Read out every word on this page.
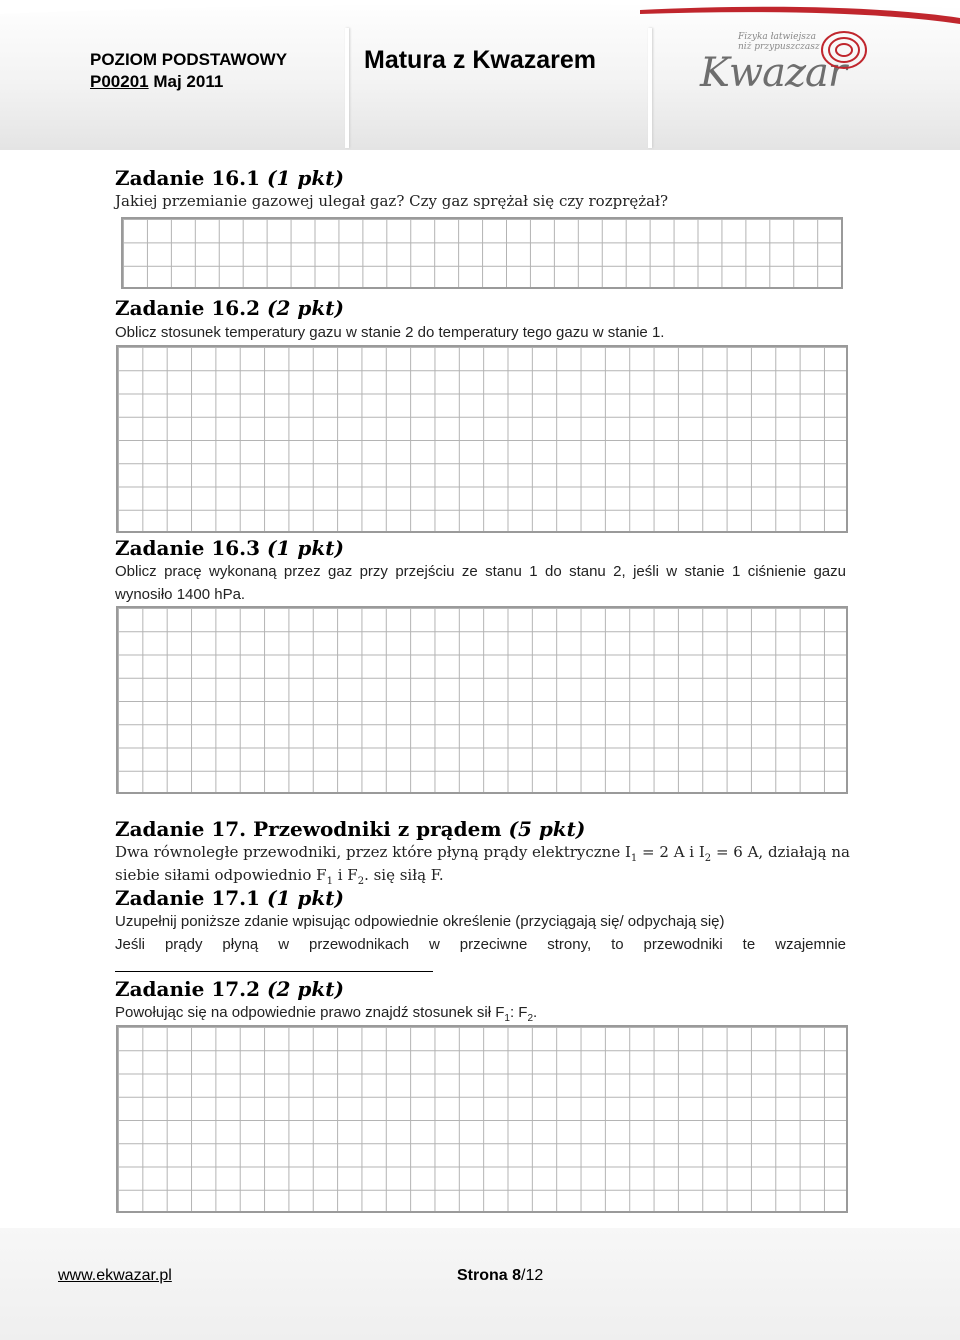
POZIOM PODSTAWOWY
P00201 Maj 2011
Matura z Kwazarem
Fizyka łatwiejsza
niż przypuszczasz
Kwazar
Zadanie 16.1 (1 pkt)
Jakiej przemianie gazowej ulegał gaz? Czy gaz sprężał się czy rozprężał?
Zadanie 16.2 (2 pkt)
Oblicz stosunek temperatury gazu w stanie 2 do temperatury tego gazu w stanie 1.
Zadanie 16.3 (1 pkt)
Oblicz pracę wykonaną przez gaz przy przejściu ze stanu 1 do stanu 2, jeśli w stanie 1 ciśnienie gazu
wynosiło 1400 hPa.
Zadanie 17. Przewodniki z prądem (5 pkt)
Dwa równoległe przewodniki, przez które płyną prądy elektryczne $I_1 = 2$ A i $I_2 = 6$ A, działają na
siebie siłami odpowiednio $F_1$ i $F_2$. się siłą F.
Zadanie 17.1 (1 pkt)
Uzupełnij poniższe zdanie wpisując odpowiednie określenie (przyciągają się/ odpychają się)
Jeśli prądy płyną w przewodnikach w przeciwne strony, to przewodniki te wzajemnie
Zadanie 17.2 (2 pkt)
Powołując się na odpowiednie prawo znajdź stosunek sił $F_1$: $F_2$.
www.ekwazar.pl	Strona 8/12
